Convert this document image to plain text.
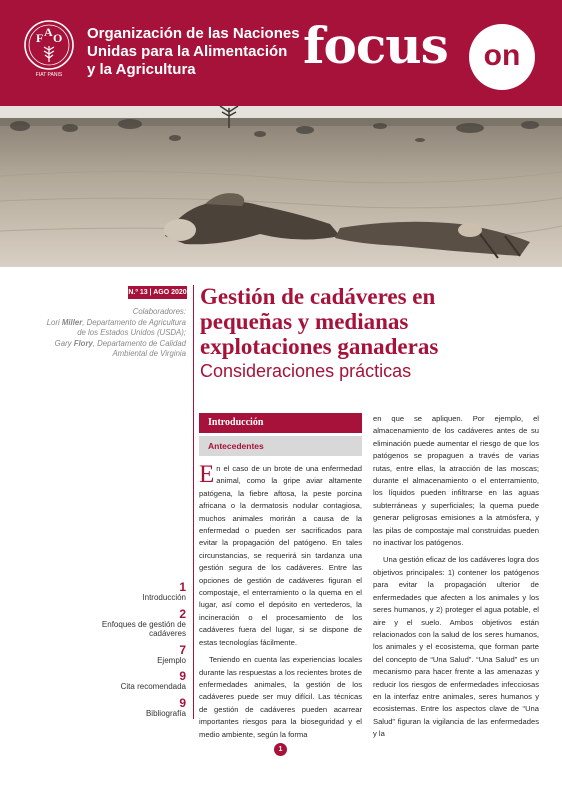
F A O
FIAT PANIS
Organización de las Naciones
Unidas para la Alimentación
y la Agricultura	focus	on
N.º 13 | AGO 2020
Colaboradores:
Lori Miller, Departamento de Agricultura de los Estados Unidos (USDA);
Gary Flory, Departamento de Calidad Ambiental de Virginia
Gestión de cadáveres en
pequeñas y medianas
explotaciones ganaderas
Consideraciones prácticas
1
Introducción
2
Enfoques de gestión de cadáveres
7
Ejemplo
9
Cita recomendada
9
Bibliografía
Introducción
Antecedentes

En el caso de un brote de una enfermedad animal, como la gripe aviar altamente patógena, la fiebre aftosa, la peste porcina africana o la dermatosis nodular contagiosa, muchos animales morirán a causa de la enfermedad o pueden ser sacrificados para evitar la propagación del patógeno. En tales circunstancias, se requerirá sin tardanza una gestión segura de los cadáveres. Entre las opciones de gestión de cadáveres figuran el compostaje, el enterramiento o la quema en el lugar, así como el depósito en vertederos, la incineración o el procesamiento de los cadáveres fuera del lugar, si se dispone de estas tecnologías fácilmente.

Teniendo en cuenta las experiencias locales durante las respuestas a los recientes brotes de enfermedades animales, la gestión de los cadáveres puede ser muy difícil. Las técnicas de gestión de cadáveres pueden acarrear importantes riesgos para la bioseguridad y el medio ambiente, según la forma

en que se apliquen. Por ejemplo, el almacenamiento de los cadáveres antes de su eliminación puede aumentar el riesgo de que los patógenos se propaguen a través de varias rutas, entre ellas, la atracción de las moscas; durante el almacenamiento o el enterramiento, los líquidos pueden infiltrarse en las aguas subterráneas y superficiales; la quema puede generar peligrosas emisiones a la atmósfera, y las pilas de compostaje mal construidas pueden no inactivar los patógenos.

Una gestión eficaz de los cadáveres logra dos objetivos principales: 1) contener los patógenos para evitar la propagación ulterior de enfermedades que afecten a los animales y los seres humanos, y 2) proteger el agua potable, el aire y el suelo. Ambos objetivos están relacionados con la salud de los seres humanos, los animales y el ecosistema, que forman parte del concepto de “Una Salud”. “Una Salud” es un mecanismo para hacer frente a las amenazas y reducir los riesgos de enfermedades infecciosas en la interfaz entre animales, seres humanos y ecosistemas. Entre los aspectos clave de “Una Salud” figuran la vigilancia de las enfermedades y la

1
